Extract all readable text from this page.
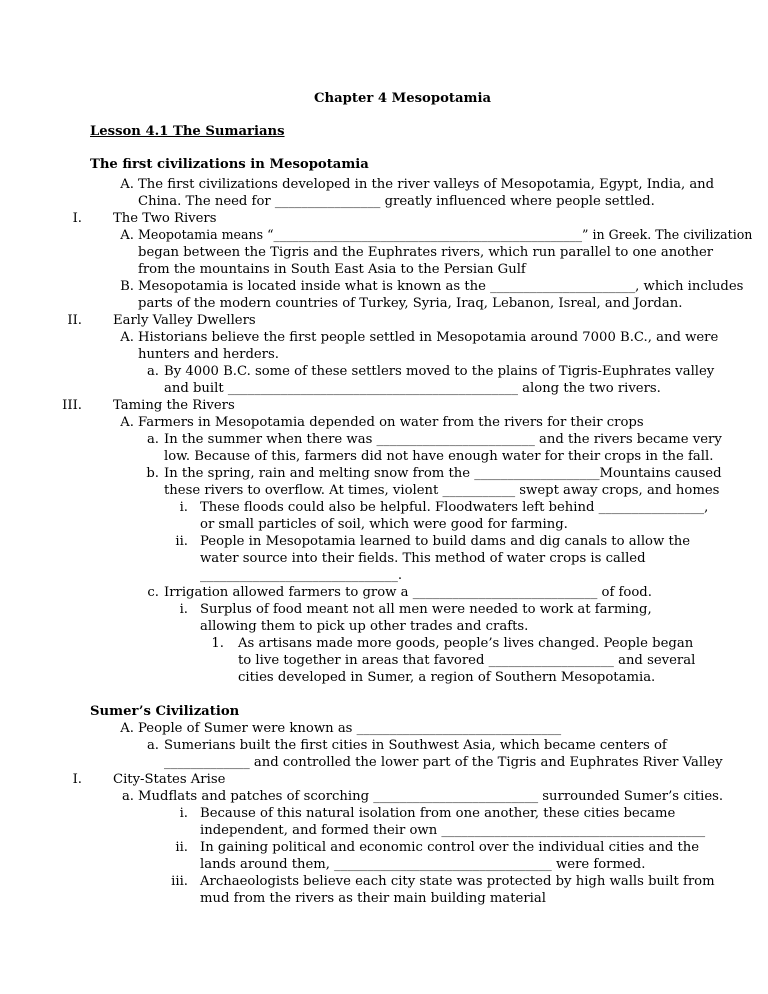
Chapter 4 Mesopotamia
Lesson 4.1 The Sumarians
The first civilizations in Mesopotamia
A. The first civilizations developed in the river valleys of Mesopotamia, Egypt, India, and
China. The need for ________________ greatly influenced where people settled.
I. The Two Rivers
A. Meopotamia means “_________________________________________________” in Greek. The civilization
began between the Tigris and the Euphrates rivers, which run parallel to one another
from the mountains in South East Asia to the Persian Gulf
B. Mesopotamia is located inside what is known as the ______________________, which includes
parts of the modern countries of Turkey, Syria, Iraq, Lebanon, Isreal, and Jordan.
II. Early Valley Dwellers
A. Historians believe the first people settled in Mesopotamia around 7000 B.C., and were
hunters and herders.
a. By 4000 B.C. some of these settlers moved to the plains of Tigris-Euphrates valley
and built ____________________________________________ along the two rivers.
III. Taming the Rivers
A. Farmers in Mesopotamia depended on water from the rivers for their crops
a. In the summer when there was ________________________ and the rivers became very
low. Because of this, farmers did not have enough water for their crops in the fall.
b. In the spring, rain and melting snow from the ___________________Mountains caused
these rivers to overflow. At times, violent ___________ swept away crops, and homes
i. These floods could also be helpful. Floodwaters left behind ________________,
or small particles of soil, which were good for farming.
ii. People in Mesopotamia learned to build dams and dig canals to allow the
water source into their fields. This method of water crops is called
______________________________.
c. Irrigation allowed farmers to grow a ____________________________ of food.
i. Surplus of food meant not all men were needed to work at farming,
allowing them to pick up other trades and crafts.
1. As artisans made more goods, people’s lives changed. People began
to live together in areas that favored ___________________ and several
cities developed in Sumer, a region of Southern Mesopotamia.
Sumer’s Civilization
A. People of Sumer were known as _______________________________
a. Sumerians built the first cities in Southwest Asia, which became centers of
_____________ and controlled the lower part of the Tigris and Euphrates River Valley
I. City-States Arise
a. Mudflats and patches of scorching _________________________ surrounded Sumer’s cities.
i. Because of this natural isolation from one another, these cities became
independent, and formed their own ________________________________________
ii. In gaining political and economic control over the individual cities and the
lands around them, _________________________________ were formed.
iii. Archaeologists believe each city state was protected by high walls built from
mud from the rivers as their main building material
